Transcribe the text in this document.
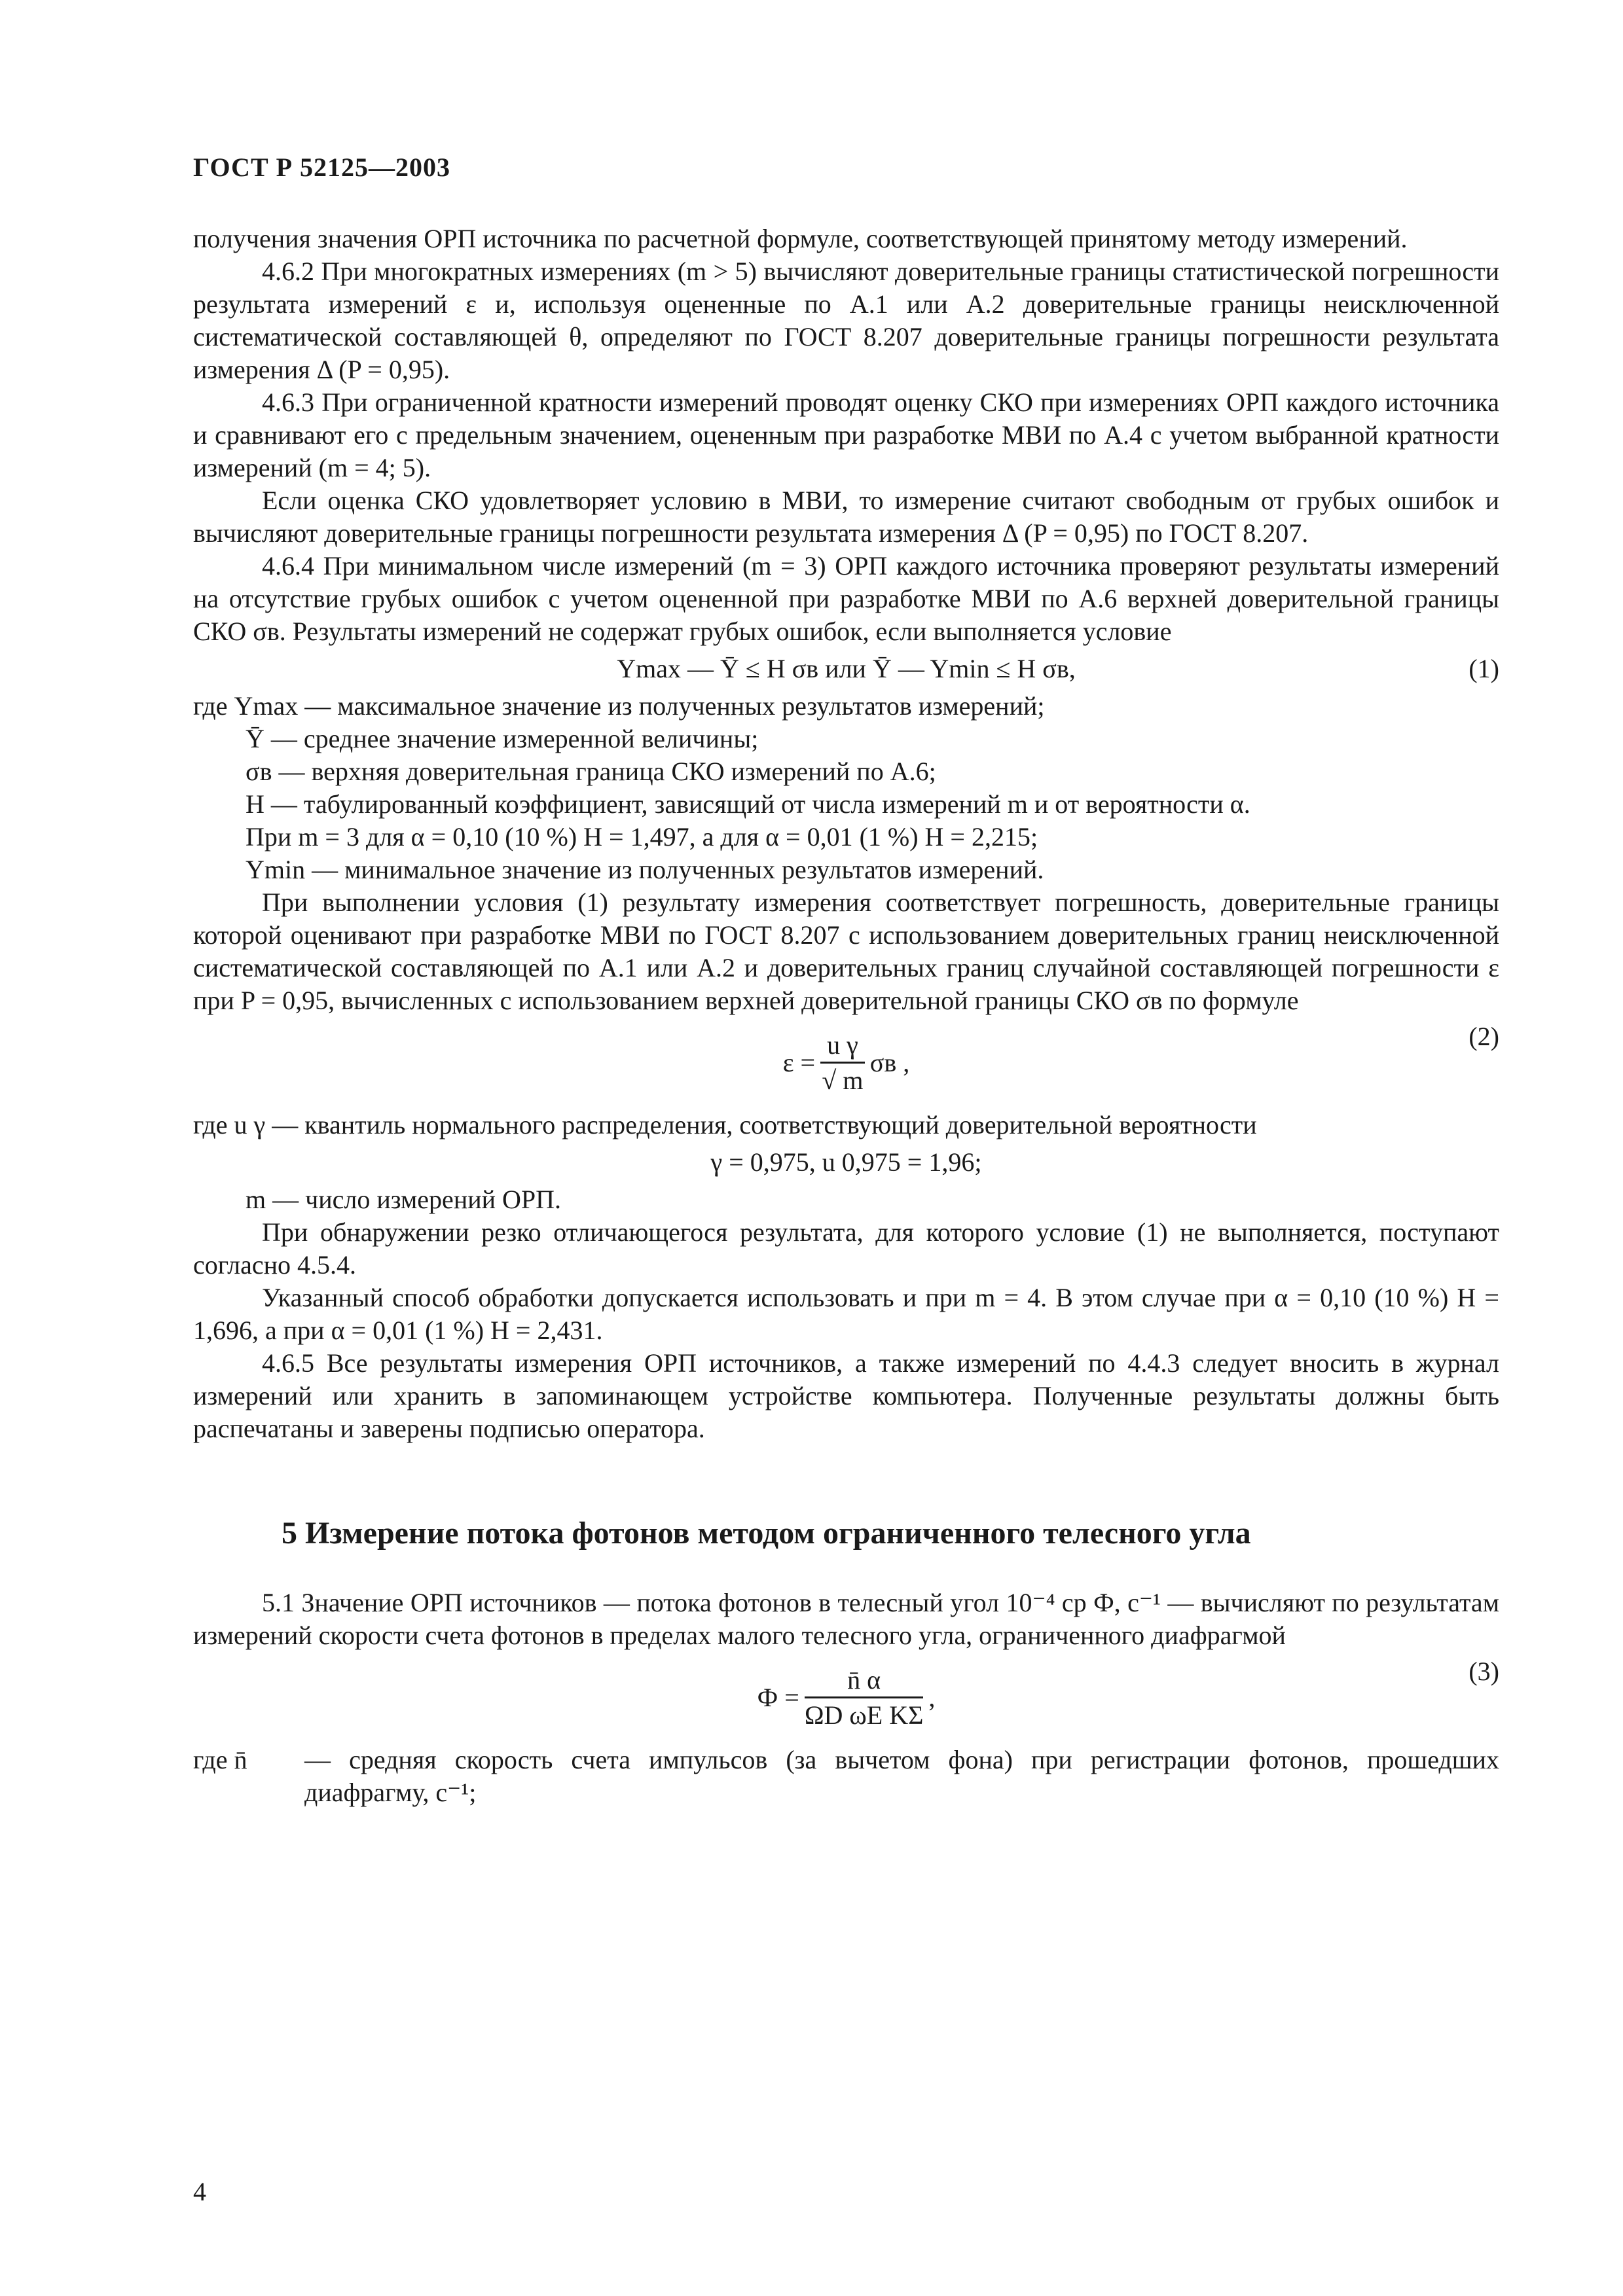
ГОСТ Р 52125—2003

получения значения ОРП источника по расчетной формуле, соответствующей принятому методу измерений.

4.6.2 При многократных измерениях (m > 5) вычисляют доверительные границы статистической погрешности результата измерений ε и, используя оцененные по А.1 или А.2 доверительные границы неисключенной систематической составляющей θ, определяют по ГОСТ 8.207 доверительные границы погрешности результата измерения Δ (P = 0,95).

4.6.3 При ограниченной кратности измерений проводят оценку СКО при измерениях ОРП каждого источника и сравнивают его с предельным значением, оцененным при разработке МВИ по А.4 с учетом выбранной кратности измерений (m = 4; 5).

Если оценка СКО удовлетворяет условию в МВИ, то измерение считают свободным от грубых ошибок и вычисляют доверительные границы погрешности результата измерения Δ (P = 0,95) по ГОСТ 8.207.

4.6.4 При минимальном числе измерений (m = 3) ОРП каждого источника проверяют результаты измерений на отсутствие грубых ошибок с учетом оцененной при разработке МВИ по А.6 верхней доверительной границы СКО σв. Результаты измерений не содержат грубых ошибок, если выполняется условие

Ymax — Ȳ ≤ H σв или Ȳ — Ymin ≤ H σв,	(1)

где Ymax — максимальное значение из полученных результатов измерений;

Ȳ — среднее значение измеренной величины;

σв — верхняя доверительная граница СКО измерений по А.6;

H — табулированный коэффициент, зависящий от числа измерений m и от вероятности α.

При m = 3 для α = 0,10 (10 %) H = 1,497, а для α = 0,01 (1 %) H = 2,215;

Ymin — минимальное значение из полученных результатов измерений.

При выполнении условия (1) результату измерения соответствует погрешность, доверительные границы которой оценивают при разработке МВИ по ГОСТ 8.207 с использованием доверительных границ неисключенной систематической составляющей по А.1 или А.2 и доверительных границ случайной составляющей погрешности ε при P = 0,95, вычисленных с использованием верхней доверительной границы СКО σв по формуле

$\varepsilon = \frac{\text{u γ}}{√ m}$ σв ,
(2)

где u γ — квантиль нормального распределения, соответствующий доверительной вероятности

γ = 0,975, u 0,975 = 1,96;

m — число измерений ОРП.

При обнаружении резко отличающегося результата, для которого условие (1) не выполняется, поступают согласно 4.5.4.

Указанный способ обработки допускается использовать и при m = 4. В этом случае при α = 0,10 (10 %) H = 1,696, а при α = 0,01 (1 %) H = 2,431.

4.6.5 Все результаты измерения ОРП источников, а также измерений по 4.4.3 следует вносить в журнал измерений или хранить в запоминающем устройстве компьютера. Полученные результаты должны быть распечатаны и заверены подписью оператора.

5 Измерение потока фотонов методом ограниченного телесного угла

5.1 Значение ОРП источников — потока фотонов в телесный угол 10⁻⁴ ср Ф, с⁻¹ — вычисляют по результатам измерений скорости счета фотонов в пределах малого телесного угла, ограниченного диафрагмой

$Ф = \frac{n̄ \alpha}{\text{ΩD ωE KΣ}}$ ,
(3)
где n̄	— средняя скорость счета импульсов (за вычетом фона) при регистрации фотонов, прошедших диафрагму, с⁻¹;
4
